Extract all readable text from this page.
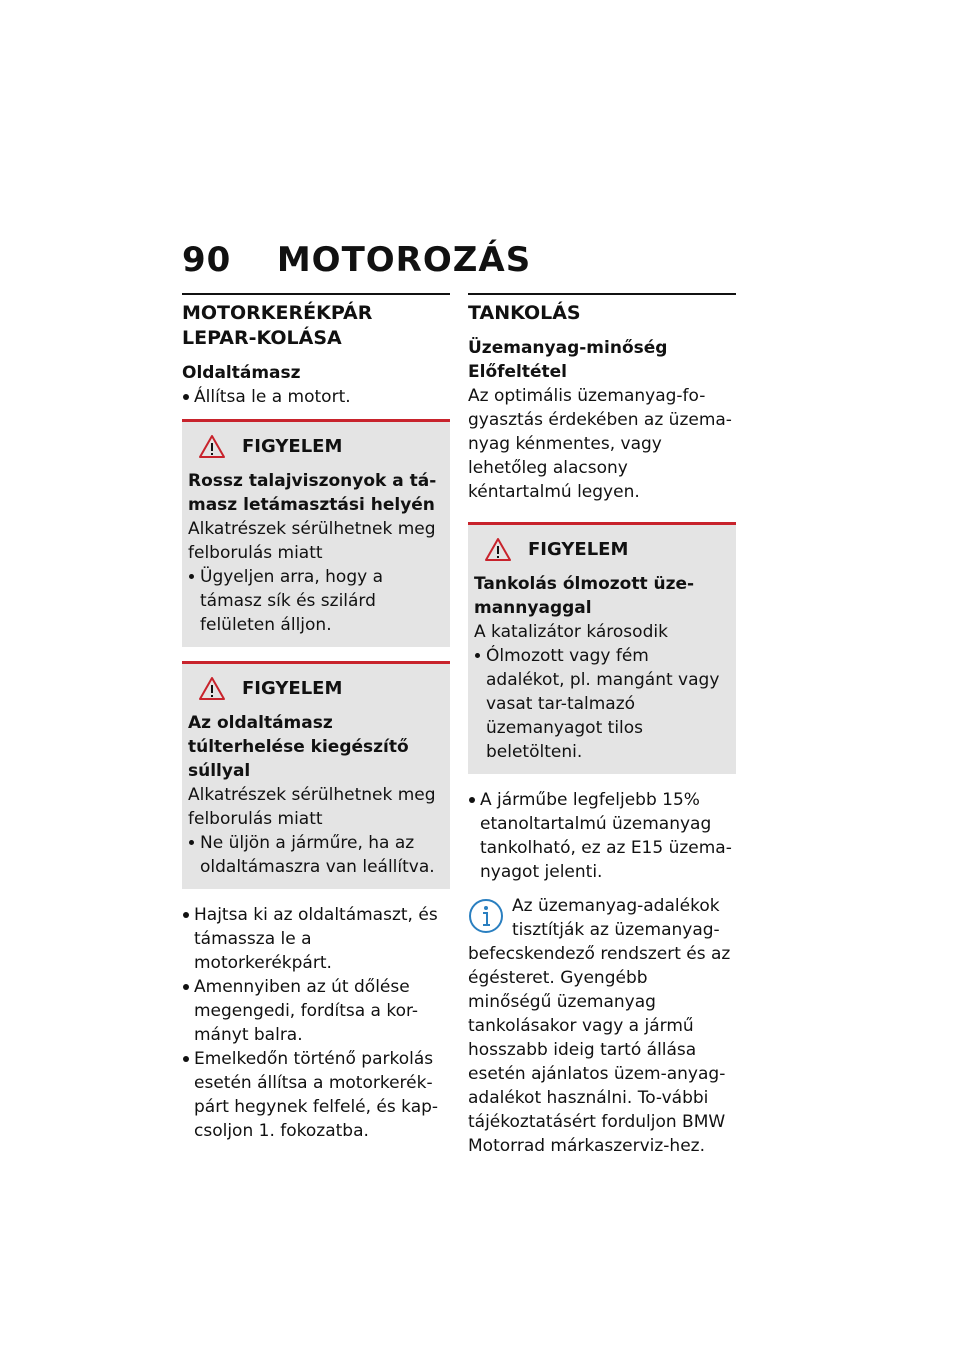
90 MOTOROZÁS
MOTORKERÉKPÁR LEPAR-KOLÁSA
Oldaltámasz
Állítsa le a motort.
FIGYELEM
Rossz talajviszonyok a tá-masz letámasztási helyén

Alkatrészek sérülhetnek meg felborulás miatt

Ügyeljen arra, hogy a támasz sík és szilárd felületen álljon.
FIGYELEM
Az oldaltámasz túlterhelése kiegészítő súllyal

Alkatrészek sérülhetnek meg felborulás miatt

Ne üljön a járműre, ha az oldaltámaszra van leállítva.
Hajtsa ki az oldaltámaszt, és támassza le a motorkerékpárt.
Amennyiben az út dőlése megengedi, fordítsa a kor-mányt balra.
Emelkedőn történő parkolás esetén állítsa a motorkerék-párt hegynek felfelé, és kap-csoljon 1. fokozatba.
TANKOLÁS
Üzemanyag-minőség
Előfeltétel

Az optimális üzemanyag-fo-gyasztás érdekében az üzema-nyag kénmentes, vagy lehetőleg alacsony kéntartalmú legyen.

FIGYELEM
Tankolás ólmozott üze-mannyaggal

A katalizátor károsodik

Ólmozott vagy fém adalékot, pl. mangánt vagy vasat tar-talmazó üzemanyagot tilos beletölteni.
A járműbe legfeljebb 15% etanoltartalmú üzemanyag tankolható, ez az E15 üzema-nyagot jelenti.

Az üzemanyag-adalékok tisztítják az üzemanyag-

befecskendező rendszert és az égésteret. Gyengébb minőségű üzemanyag tankolásakor vagy a jármű hosszabb ideig tartó állása esetén ajánlatos üzem-anyag-adalékot használni. To-vábbi tájékoztatásért forduljon BMW Motorrad márkaszerviz-hez.
